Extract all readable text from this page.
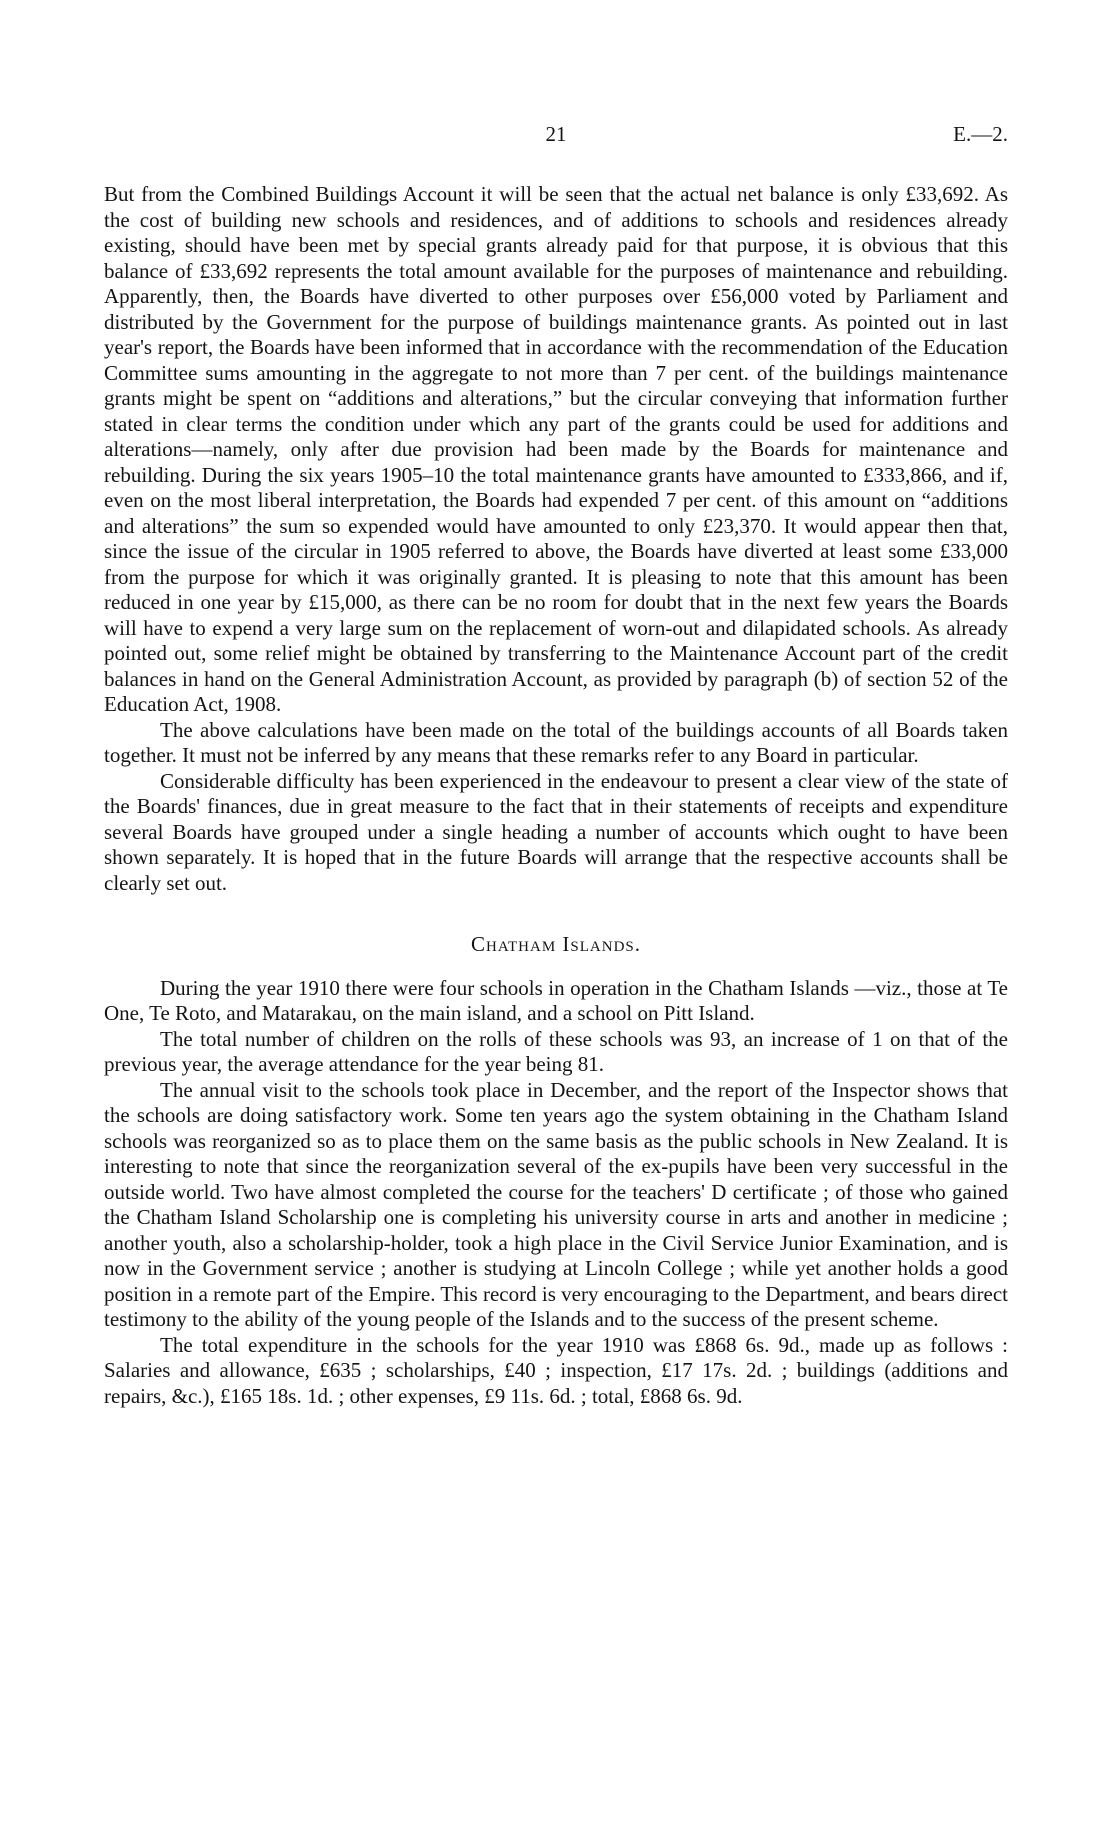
21	E.—2.

But from the Combined Buildings Account it will be seen that the actual net balance is only £33,692. As the cost of building new schools and residences, and of additions to schools and residences already existing, should have been met by special grants already paid for that purpose, it is obvious that this balance of £33,692 represents the total amount available for the purposes of maintenance and rebuilding. Apparently, then, the Boards have diverted to other purposes over £56,000 voted by Parliament and distributed by the Government for the purpose of buildings maintenance grants. As pointed out in last year's report, the Boards have been informed that in accordance with the recommendation of the Education Committee sums amounting in the aggregate to not more than 7 per cent. of the buildings maintenance grants might be spent on “additions and alterations,” but the circular conveying that information further stated in clear terms the condition under which any part of the grants could be used for additions and alterations—namely, only after due provision had been made by the Boards for maintenance and rebuilding. During the six years 1905–10 the total maintenance grants have amounted to £333,866, and if, even on the most liberal interpretation, the Boards had expended 7 per cent. of this amount on “additions and alterations” the sum so expended would have amounted to only £23,370. It would appear then that, since the issue of the circular in 1905 referred to above, the Boards have diverted at least some £33,000 from the purpose for which it was originally granted. It is pleasing to note that this amount has been reduced in one year by £15,000, as there can be no room for doubt that in the next few years the Boards will have to expend a very large sum on the replacement of worn-out and dilapidated schools. As already pointed out, some relief might be obtained by transferring to the Maintenance Account part of the credit balances in hand on the General Administration Account, as provided by paragraph (b) of section 52 of the Education Act, 1908.

The above calculations have been made on the total of the buildings accounts of all Boards taken together. It must not be inferred by any means that these remarks refer to any Board in particular.

Considerable difficulty has been experienced in the endeavour to present a clear view of the state of the Boards' finances, due in great measure to the fact that in their statements of receipts and expenditure several Boards have grouped under a single heading a number of accounts which ought to have been shown separately. It is hoped that in the future Boards will arrange that the respective accounts shall be clearly set out.

Chatham Islands.

During the year 1910 there were four schools in operation in the Chatham Islands —viz., those at Te One, Te Roto, and Matarakau, on the main island, and a school on Pitt Island.

The total number of children on the rolls of these schools was 93, an increase of 1 on that of the previous year, the average attendance for the year being 81.

The annual visit to the schools took place in December, and the report of the Inspector shows that the schools are doing satisfactory work. Some ten years ago the system obtaining in the Chatham Island schools was reorganized so as to place them on the same basis as the public schools in New Zealand. It is interesting to note that since the reorganization several of the ex-pupils have been very successful in the outside world. Two have almost completed the course for the teachers' D certificate ; of those who gained the Chatham Island Scholarship one is completing his university course in arts and another in medicine ; another youth, also a scholarship-holder, took a high place in the Civil Service Junior Examination, and is now in the Government service ; another is studying at Lincoln College ; while yet another holds a good position in a remote part of the Empire. This record is very encouraging to the Department, and bears direct testimony to the ability of the young people of the Islands and to the success of the present scheme.

The total expenditure in the schools for the year 1910 was £868 6s. 9d., made up as follows : Salaries and allowance, £635 ; scholarships, £40 ; inspection, £17 17s. 2d. ; buildings (additions and repairs, &c.), £165 18s. 1d. ; other expenses, £9 11s. 6d. ; total, £868 6s. 9d.
